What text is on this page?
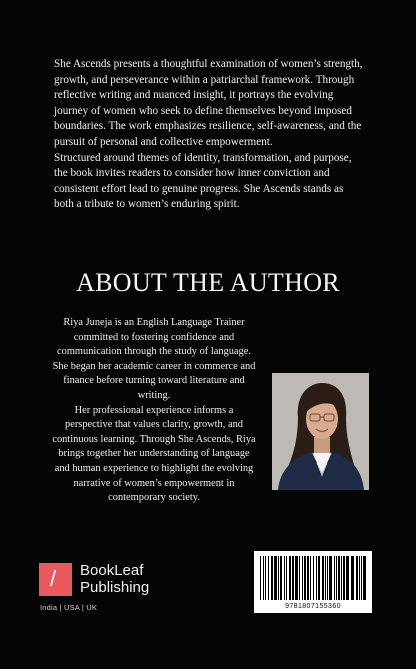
She Ascends presents a thoughtful examination of women’s strength, growth, and perseverance within a patriarchal framework. Through reflective writing and nuanced insight, it portrays the evolving journey of women who seek to define themselves beyond imposed boundaries. The work emphasizes resilience, self-awareness, and the pursuit of personal and collective empowerment.

Structured around themes of identity, transformation, and purpose, the book invites readers to consider how inner conviction and consistent effort lead to genuine progress. She Ascends stands as both a tribute to women’s enduring spirit.

ABOUT THE AUTHOR

Riya Juneja is an English Language Trainer committed to fostering confidence and communication through the study of language. She began her academic career in commerce and finance before turning toward literature and writing.

Her professional experience informs a perspective that values clarity, growth, and continuous learning. Through She Ascends, Riya brings together her understanding of language and human experience to highlight the evolving narrative of women’s empowerment in contemporary society.

9781807155360
/ BookLeaf
Publishing
India | USA | UK
